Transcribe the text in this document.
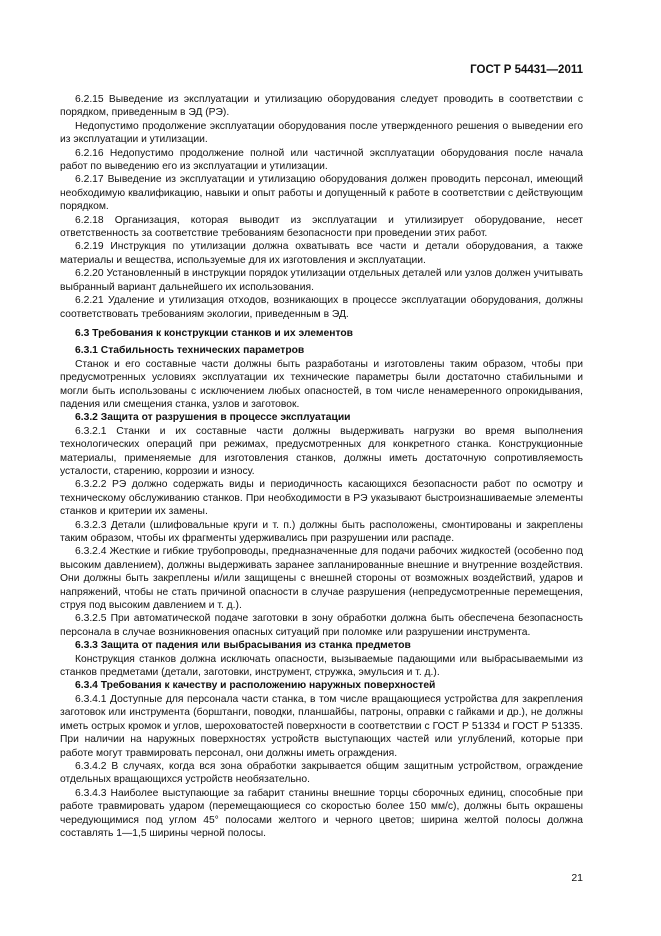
ГОСТ Р 54431—2011

6.2.15 Выведение из эксплуатации и утилизацию оборудования следует проводить в соответствии с порядком, приведенным в ЭД (РЭ).

Недопустимо продолжение эксплуатации оборудования после утвержденного решения о выведении его из эксплуатации и утилизации.

6.2.16 Недопустимо продолжение полной или частичной эксплуатации оборудования после начала работ по выведению его из эксплуатации и утилизации.

6.2.17 Выведение из эксплуатации и утилизацию оборудования должен проводить персонал, имеющий необходимую квалификацию, навыки и опыт работы и допущенный к работе в соответствии с действующим порядком.

6.2.18 Организация, которая выводит из эксплуатации и утилизирует оборудование, несет ответственность за соответствие требованиям безопасности при проведении этих работ.

6.2.19 Инструкция по утилизации должна охватывать все части и детали оборудования, а также материалы и вещества, используемые для их изготовления и эксплуатации.

6.2.20 Установленный в инструкции порядок утилизации отдельных деталей или узлов должен учитывать выбранный вариант дальнейшего их использования.

6.2.21 Удаление и утилизация отходов, возникающих в процессе эксплуатации оборудования, должны соответствовать требованиям экологии, приведенным в ЭД.

6.3 Требования к конструкции станков и их элементов
6.3.1 Стабильность технических параметров

Станок и его составные части должны быть разработаны и изготовлены таким образом, чтобы при предусмотренных условиях эксплуатации их технические параметры были достаточно стабильными и могли быть использованы с исключением любых опасностей, в том числе ненамеренного опрокидывания, падения или смещения станка, узлов и заготовок.

6.3.2 Защита от разрушения в процессе эксплуатации

6.3.2.1 Станки и их составные части должны выдерживать нагрузки во время выполнения технологических операций при режимах, предусмотренных для конкретного станка. Конструкционные материалы, применяемые для изготовления станков, должны иметь достаточную сопротивляемость усталости, старению, коррозии и износу.

6.3.2.2 РЭ должно содержать виды и периодичность касающихся безопасности работ по осмотру и техническому обслуживанию станков. При необходимости в РЭ указывают быстроизнашиваемые элементы станков и критерии их замены.

6.3.2.3 Детали (шлифовальные круги и т. п.) должны быть расположены, смонтированы и закреплены таким образом, чтобы их фрагменты удерживались при разрушении или распаде.

6.3.2.4 Жесткие и гибкие трубопроводы, предназначенные для подачи рабочих жидкостей (особенно под высоким давлением), должны выдерживать заранее запланированные внешние и внутренние воздействия. Они должны быть закреплены и/или защищены с внешней стороны от возможных воздействий, ударов и напряжений, чтобы не стать причиной опасности в случае разрушения (непредусмотренные перемещения, струя под высоким давлением и т. д.).

6.3.2.5 При автоматической подаче заготовки в зону обработки должна быть обеспечена безопасность персонала в случае возникновения опасных ситуаций при поломке или разрушении инструмента.

6.3.3 Защита от падения или выбрасывания из станка предметов

Конструкция станков должна исключать опасности, вызываемые падающими или выбрасываемыми из станков предметами (детали, заготовки, инструмент, стружка, эмульсия и т. д.).

6.3.4 Требования к качеству и расположению наружных поверхностей

6.3.4.1 Доступные для персонала части станка, в том числе вращающиеся устройства для закрепления заготовок или инструмента (борштанги, поводки, планшайбы, патроны, оправки с гайками и др.), не должны иметь острых кромок и углов, шероховатостей поверхности в соответствии с ГОСТ Р 51334 и ГОСТ Р 51335. При наличии на наружных поверхностях устройств выступающих частей или углублений, которые при работе могут травмировать персонал, они должны иметь ограждения.

6.3.4.2 В случаях, когда вся зона обработки закрывается общим защитным устройством, ограждение отдельных вращающихся устройств необязательно.

6.3.4.3 Наиболее выступающие за габарит станины внешние торцы сборочных единиц, способные при работе травмировать ударом (перемещающиеся со скоростью более 150 мм/с), должны быть окрашены чередующимися под углом 45° полосами желтого и черного цветов; ширина желтой полосы должна составлять 1—1,5 ширины черной полосы.

21
